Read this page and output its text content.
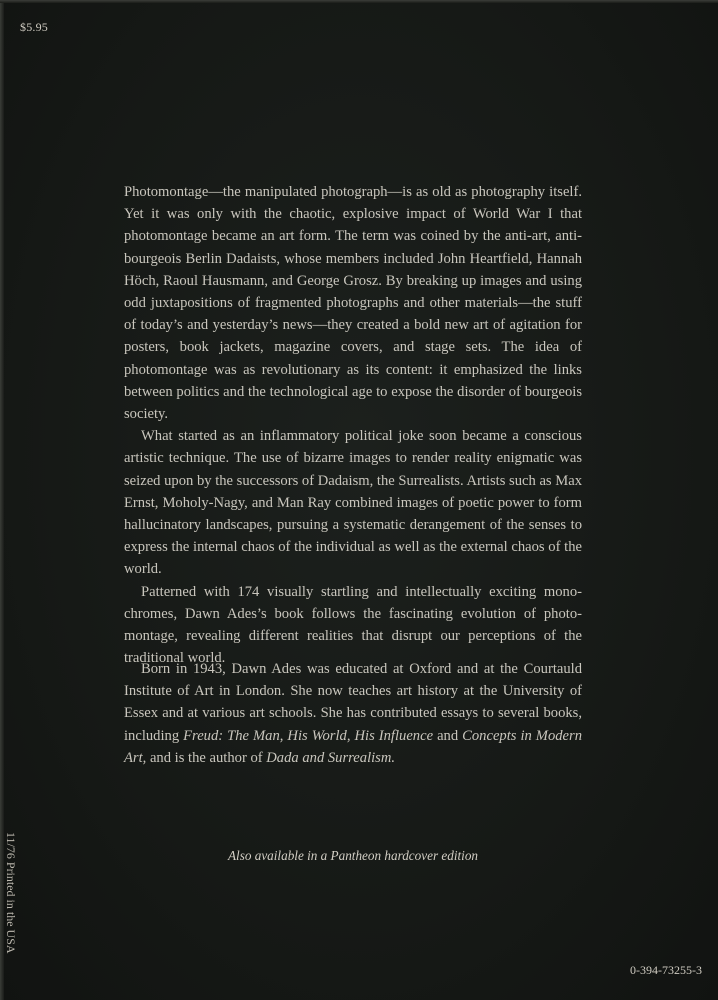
$5.95

Photomontage—the manipulated photograph—is as old as photography itself. Yet it was only with the chaotic, explosive impact of World War I that photomontage became an art form. The term was coined by the anti-art, anti-bourgeois Berlin Dadaists, whose members included John Heartfield, Hannah Höch, Raoul Hausmann, and George Grosz. By breaking up images and using odd juxtapositions of fragmented photographs and other materials—the stuff of today’s and yesterday’s news—they created a bold new art of agitation for posters, book jackets, magazine covers, and stage sets. The idea of photomontage was as revolutionary as its content: it emphasized the links between politics and the technological age to expose the disorder of bourgeois society.

What started as an inflammatory political joke soon became a conscious artistic technique. The use of bizarre images to render reality enigmatic was seized upon by the successors of Dadaism, the Surrealists. Artists such as Max Ernst, Moholy-Nagy, and Man Ray combined images of poetic power to form hallucinatory landscapes, pursuing a systematic derangement of the senses to express the internal chaos of the individual as well as the external chaos of the world.

Patterned with 174 visually startling and intellectually exciting monochromes, Dawn Ades’s book follows the fascinating evolution of photomontage, revealing different realities that disrupt our perceptions of the traditional world.

Born in 1943, Dawn Ades was educated at Oxford and at the Courtauld Institute of Art in London. She now teaches art history at the University of Essex and at various art schools. She has contributed essays to several books, including Freud: The Man, His World, His Influence and Concepts in Modern Art, and is the author of Dada and Surrealism.

Also available in a Pantheon hardcover edition
11/76 Printed in the USA
0-394-73255-3
